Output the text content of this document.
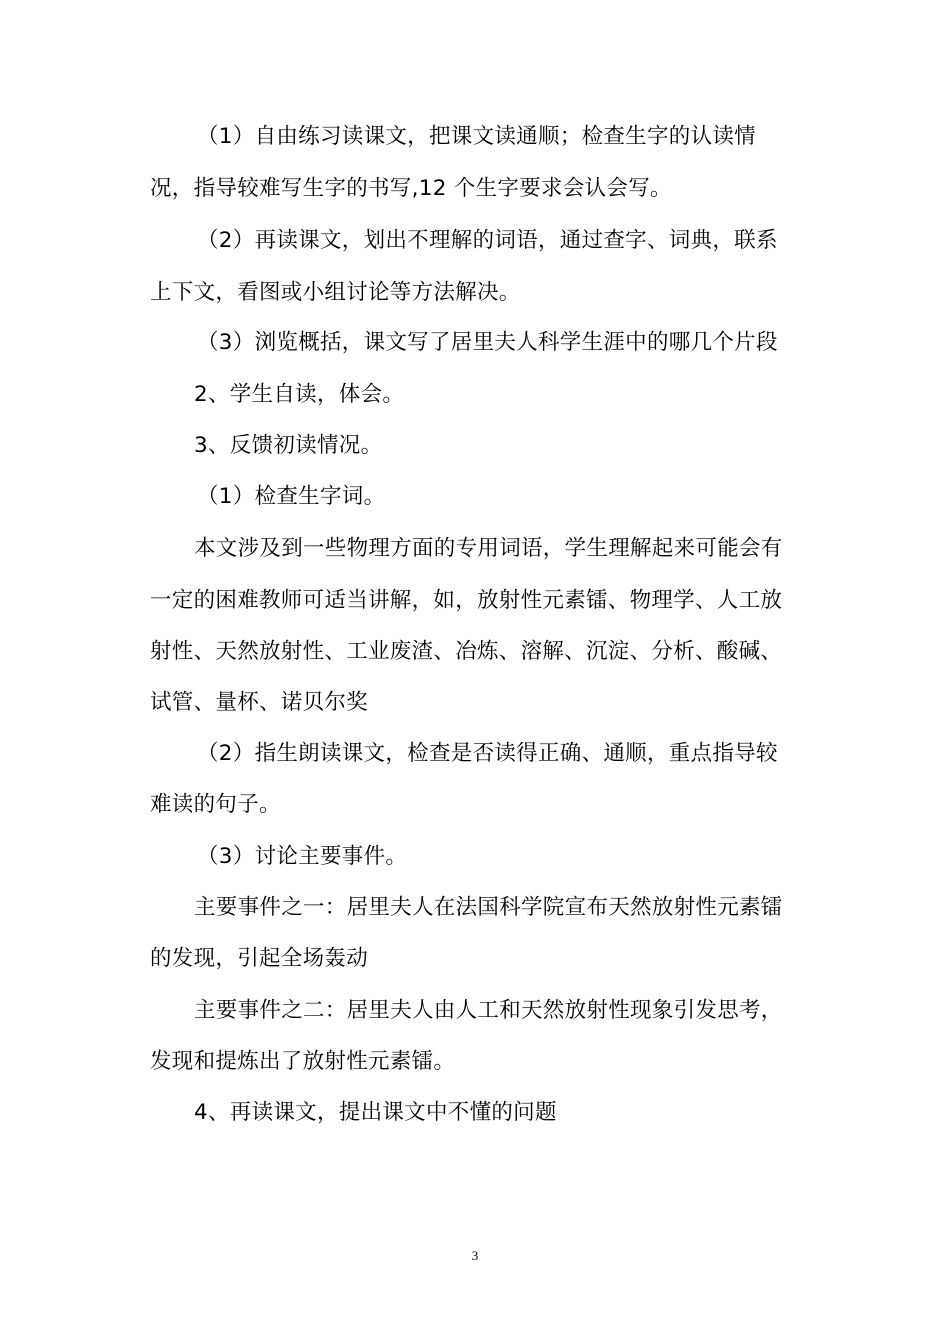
（1）自由练习读课文，把课文读通顺；检查生字的认读情
况，指导较难写生字的书写,12 个生字要求会认会写。
（2）再读课文，划出不理解的词语，通过查字、词典，联系
上下文，看图或小组讨论等方法解决。
（3）浏览概括，课文写了居里夫人科学生涯中的哪几个片段
2、学生自读，体会。
3、反馈初读情况。
（1）检查生字词。
本文涉及到一些物理方面的专用词语，学生理解起来可能会有
一定的困难教师可适当讲解，如，放射性元素镭、物理学、人工放
射性、天然放射性、工业废渣、冶炼、溶解、沉淀、分析、酸碱、
试管、量杯、诺贝尔奖
（2）指生朗读课文，检查是否读得正确、通顺，重点指导较
难读的句子。
（3）讨论主要事件。
主要事件之一：居里夫人在法国科学院宣布天然放射性元素镭
的发现，引起全场轰动
主要事件之二：居里夫人由人工和天然放射性现象引发思考，
发现和提炼出了放射性元素镭。
4、再读课文，提出课文中不懂的问题
3
